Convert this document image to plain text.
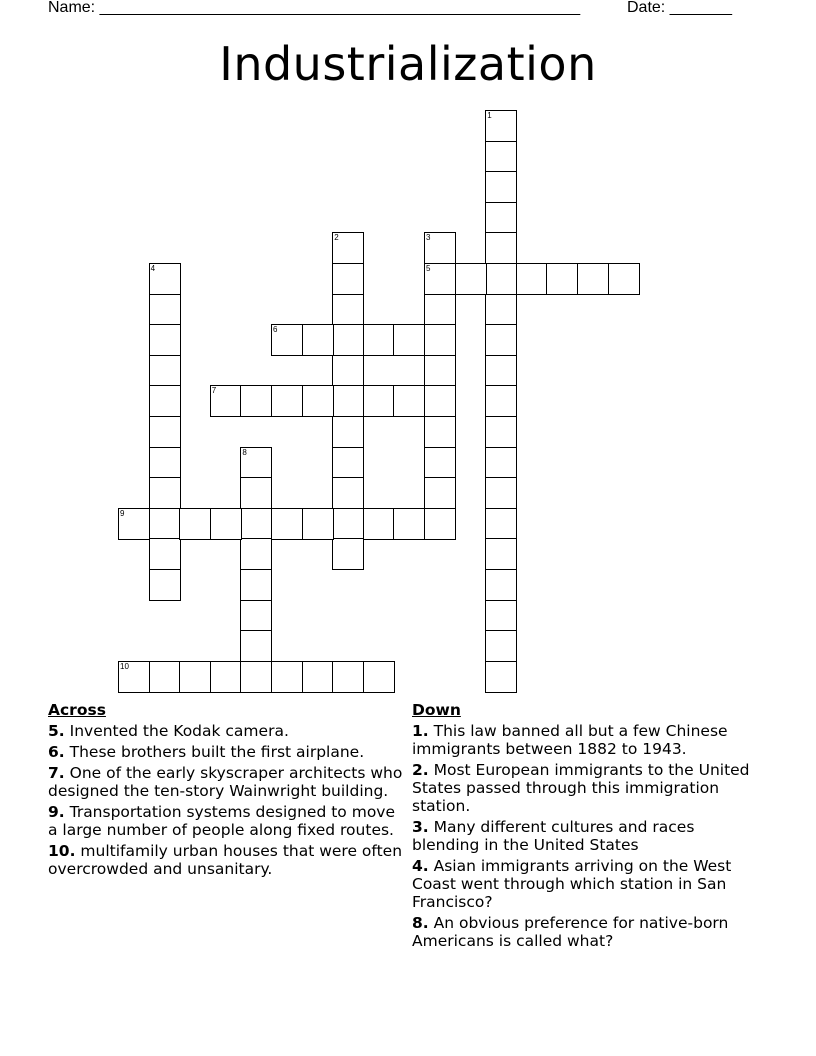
Name: ______________________________________________________	Date: _______
Industrialization
1
2	3
5
4
6
7
8
9
10
Across
5. Invented the Kodak camera.
6. These brothers built the first airplane.
7. One of the early skyscraper architects who designed the ten-story Wainwright building.
9. Transportation systems designed to move a large number of people along fixed routes.
10. multifamily urban houses that were often overcrowded and unsanitary.
Down
1. This law banned all but a few Chinese immigrants between 1882 to 1943.
2. Most European immigrants to the United States passed through this immigration station.
3. Many different cultures and races blending in the United States
4. Asian immigrants arriving on the West Coast went through which station in San Francisco?
8. An obvious preference for native-born Americans is called what?
